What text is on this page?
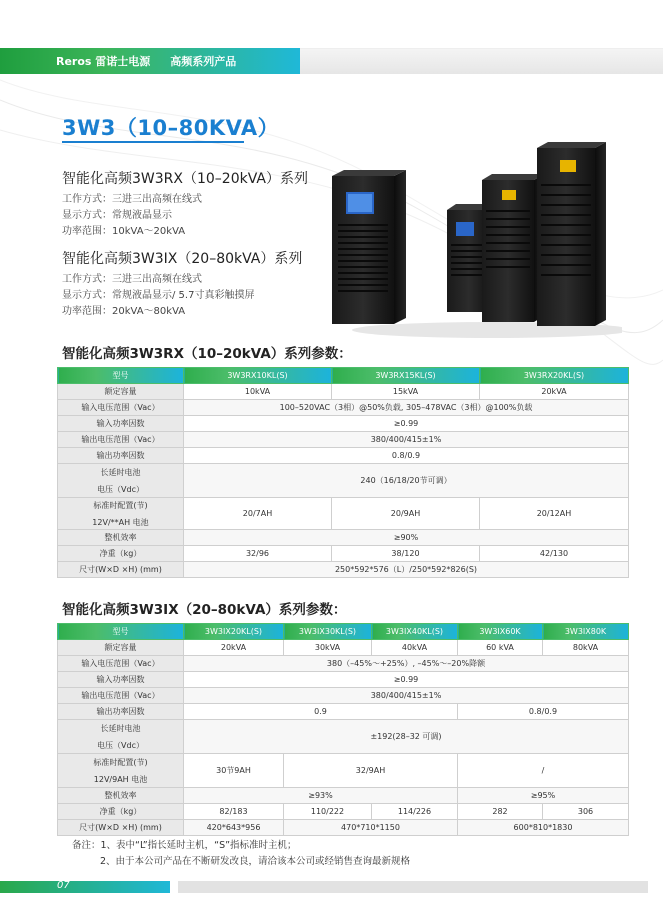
Reros 雷诺士电源 高频系列产品
3W3（10–80KVA）
智能化高频3W3RX（10–20kVA）系列
工作方式：三进三出高频在线式
显示方式：常规液晶显示
功率范围：10kVA～20kVA
智能化高频3W3IX（20–80kVA）系列
工作方式：三进三出高频在线式
显示方式：常规液晶显示/ 5.7寸真彩触摸屏
功率范围：20kVA～80kVA
智能化高频3W3RX（10–20kVA）系列参数：
型号	3W3RX10KL(S)	3W3RX15KL(S)	3W3RX20KL(S)
额定容量	10kVA	15kVA	20kVA
输入电压范围（Vac）	100–520VAC（3相）@50%负载, 305–478VAC（3相）@100%负载		
输入功率因数	≥0.99		
输出电压范围（Vac）	380/400/415±1%		
输出功率因数	0.8/0.9		

长延时电池
电压（Vdc）	240（16/18/20节可调）		

标准时配置(节)
12V/**AH 电池	20/7AH	20/9AH	20/12AH
整机效率	≥90%		
净重（kg）	32/96	38/120	42/130
尺寸(W×D ×H) (mm)	250*592*576（L）/250*592*826(S)		
智能化高频3W3IX（20–80kVA）系列参数：
型号	3W3IX20KL(S)	3W3IX30KL(S)	3W3IX40KL(S)	3W3IX60K	3W3IX80K
额定容量	20kVA	30kVA	40kVA	60 kVA	80kVA
输入电压范围（Vac）	380（–45%～+25%）, –45%～–20%降额				
输入功率因数	≥0.99				
输出电压范围（Vac）	380/400/415±1%				
输出功率因数	0.9			0.8/0.9	

长延时电池
电压（Vdc）	±192(28–32 可调)				

标准时配置(节)
12V/9AH 电池	30节9AH	32/9AH		/	
整机效率	≥93%			≥95%	
净重（kg）	82/183	110/222	114/226	282	306
尺寸(W×D ×H) (mm)	420*643*956	470*710*1150		600*810*1830	
备注：1、表中“L”指长延时主机，“S”指标准时主机；
2、由于本公司产品在不断研发改良，请洽该本公司或经销售查询最新规格
07
